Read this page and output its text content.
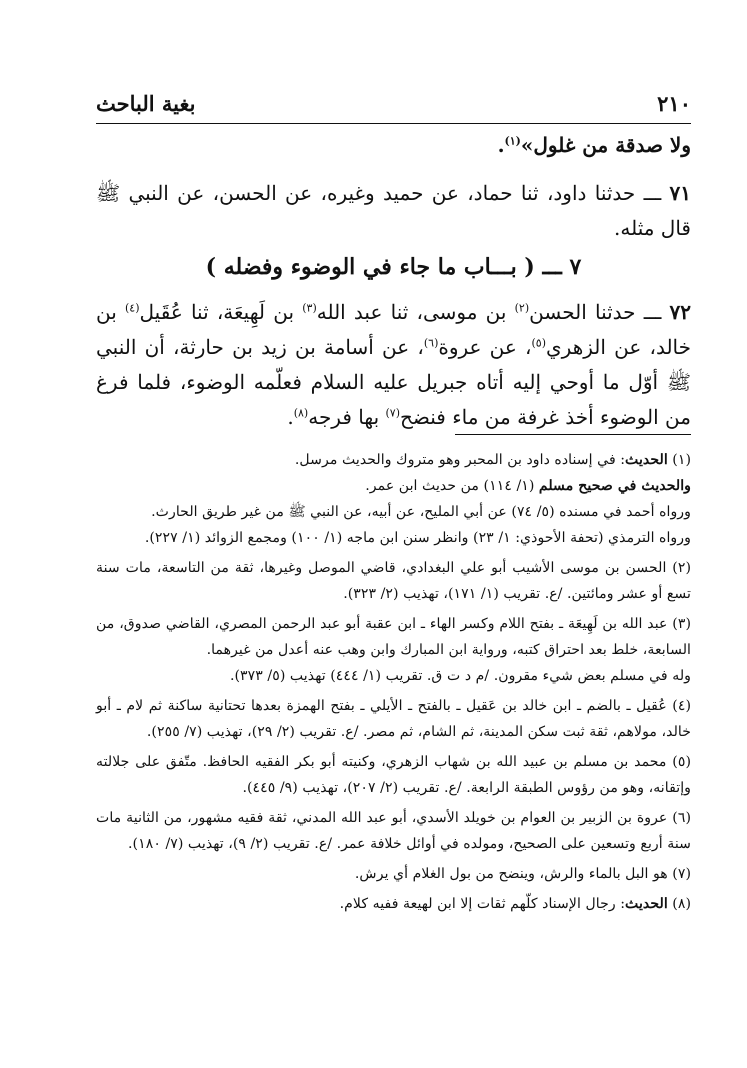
٢١٠
بغية الباحث

ولا صدقة من غلول»$^{(١)}$.

٧١ ـــ حدثنا داود، ثنا حماد، عن حميد وغيره، عن الحسن، عن النبي ﷺ قال مثله.

٧ ـــ ( بـــاب ما جاء في الوضوء وفضله )

٧٢ ـــ حدثنا الحسن$^{(٢)}$ بن موسى، ثنا عبد الله$^{(٣)}$ بن لَهِيعَة، ثنا عُقَيل$^{(٤)}$ بن خالد، عن الزهري$^{(٥)}$، عن عروة$^{(٦)}$، عن أسامة بن زيد بن حارثة، أن النبي ﷺ أوّل ما أوحي إليه أتاه جبريل عليه السلام فعلّمه الوضوء، فلما فرغ من الوضوء أخذ غرفة من ماء فنضح$^{(٧)}$ بها فرجه$^{(٨)}$.

(١) الحديث: في إسناده داود بن المحبر وهو متروك والحديث مرسل.

والحديث في صحيح مسلم (١/ ١١٤) من حديث ابن عمر.

ورواه أحمد في مسنده (٥/ ٧٤) عن أبي المليح، عن أبيه، عن النبي ﷺ من غير طريق الحارث.

ورواه الترمذي (تحفة الأحوذي: ١/ ٢٣) وانظر سنن ابن ماجه (١/ ١٠٠) ومجمع الزوائد (١/ ٢٢٧).

(٢) الحسن بن موسى الأشيب أبو علي البغدادي، قاضي الموصل وغيرها، ثقة من التاسعة، مات سنة تسع أو عشر ومائتين. /ع. تقريب (١/ ١٧١)، تهذيب (٢/ ٣٢٣).

(٣) عبد الله بن لَهِيعَة ـ بفتح اللام وكسر الهاء ـ ابن عقبة أبو عبد الرحمن المصري، القاضي صدوق، من السابعة، خلط بعد احتراق كتبه، ورواية ابن المبارك وابن وهب عنه أعدل من غيرهما.

وله في مسلم بعض شيء مقرون. /م د ت ق. تقريب (١/ ٤٤٤) تهذيب (٥/ ٣٧٣).

(٤) عُقيل ـ بالضم ـ ابن خالد بن عَقيل ـ بالفتح ـ الأيلي ـ بفتح الهمزة بعدها تحتانية ساكنة ثم لام ـ أبو خالد، مولاهم، ثقة ثبت سكن المدينة، ثم الشام، ثم مصر. /ع. تقريب (٢/ ٢٩)، تهذيب (٧/ ٢٥٥).

(٥) محمد بن مسلم بن عبيد الله بن شهاب الزهري، وكنيته أبو بكر الفقيه الحافظ. متّفق على جلالته وإتقانه، وهو من رؤوس الطبقة الرابعة. /ع. تقريب (٢/ ٢٠٧)، تهذيب (٩/ ٤٤٥).

(٦) عروة بن الزبير بن العوام بن خويلد الأسدي، أبو عبد الله المدني، ثقة فقيه مشهور، من الثانية مات سنة أربع وتسعين على الصحيح، ومولده في أوائل خلافة عمر. /ع. تقريب (٢/ ٩)، تهذيب (٧/ ١٨٠).

(٧) هو البل بالماء والرش، وينضح من بول الغلام أي يرش.

(٨) الحديث: رجال الإسناد كلّهم ثقات إلا ابن لهيعة ففيه كلام.
